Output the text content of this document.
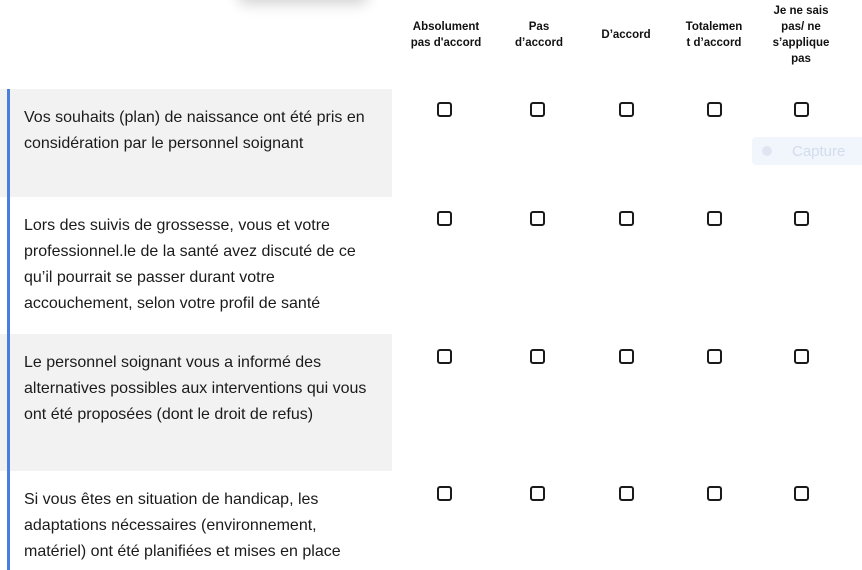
Absolument
pas d'accord
Pas
d’accord
D’accord
Totalemen
t d’accord
Je ne sais
pas/ ne
s’applique
pas
Vos souhaits (plan) de naissance ont été pris en considération par le personnel soignant
Lors des suivis de grossesse, vous et votre professionnel.le de la santé avez discuté de ce qu’il pourrait se passer durant votre accouchement, selon votre profil de santé
Le personnel soignant vous a informé des alternatives possibles aux interventions qui vous ont été proposées (dont le droit de refus)
Si vous êtes en situation de handicap, les adaptations nécessaires (environnement, matériel) ont été planifiées et mises en place
Capture
